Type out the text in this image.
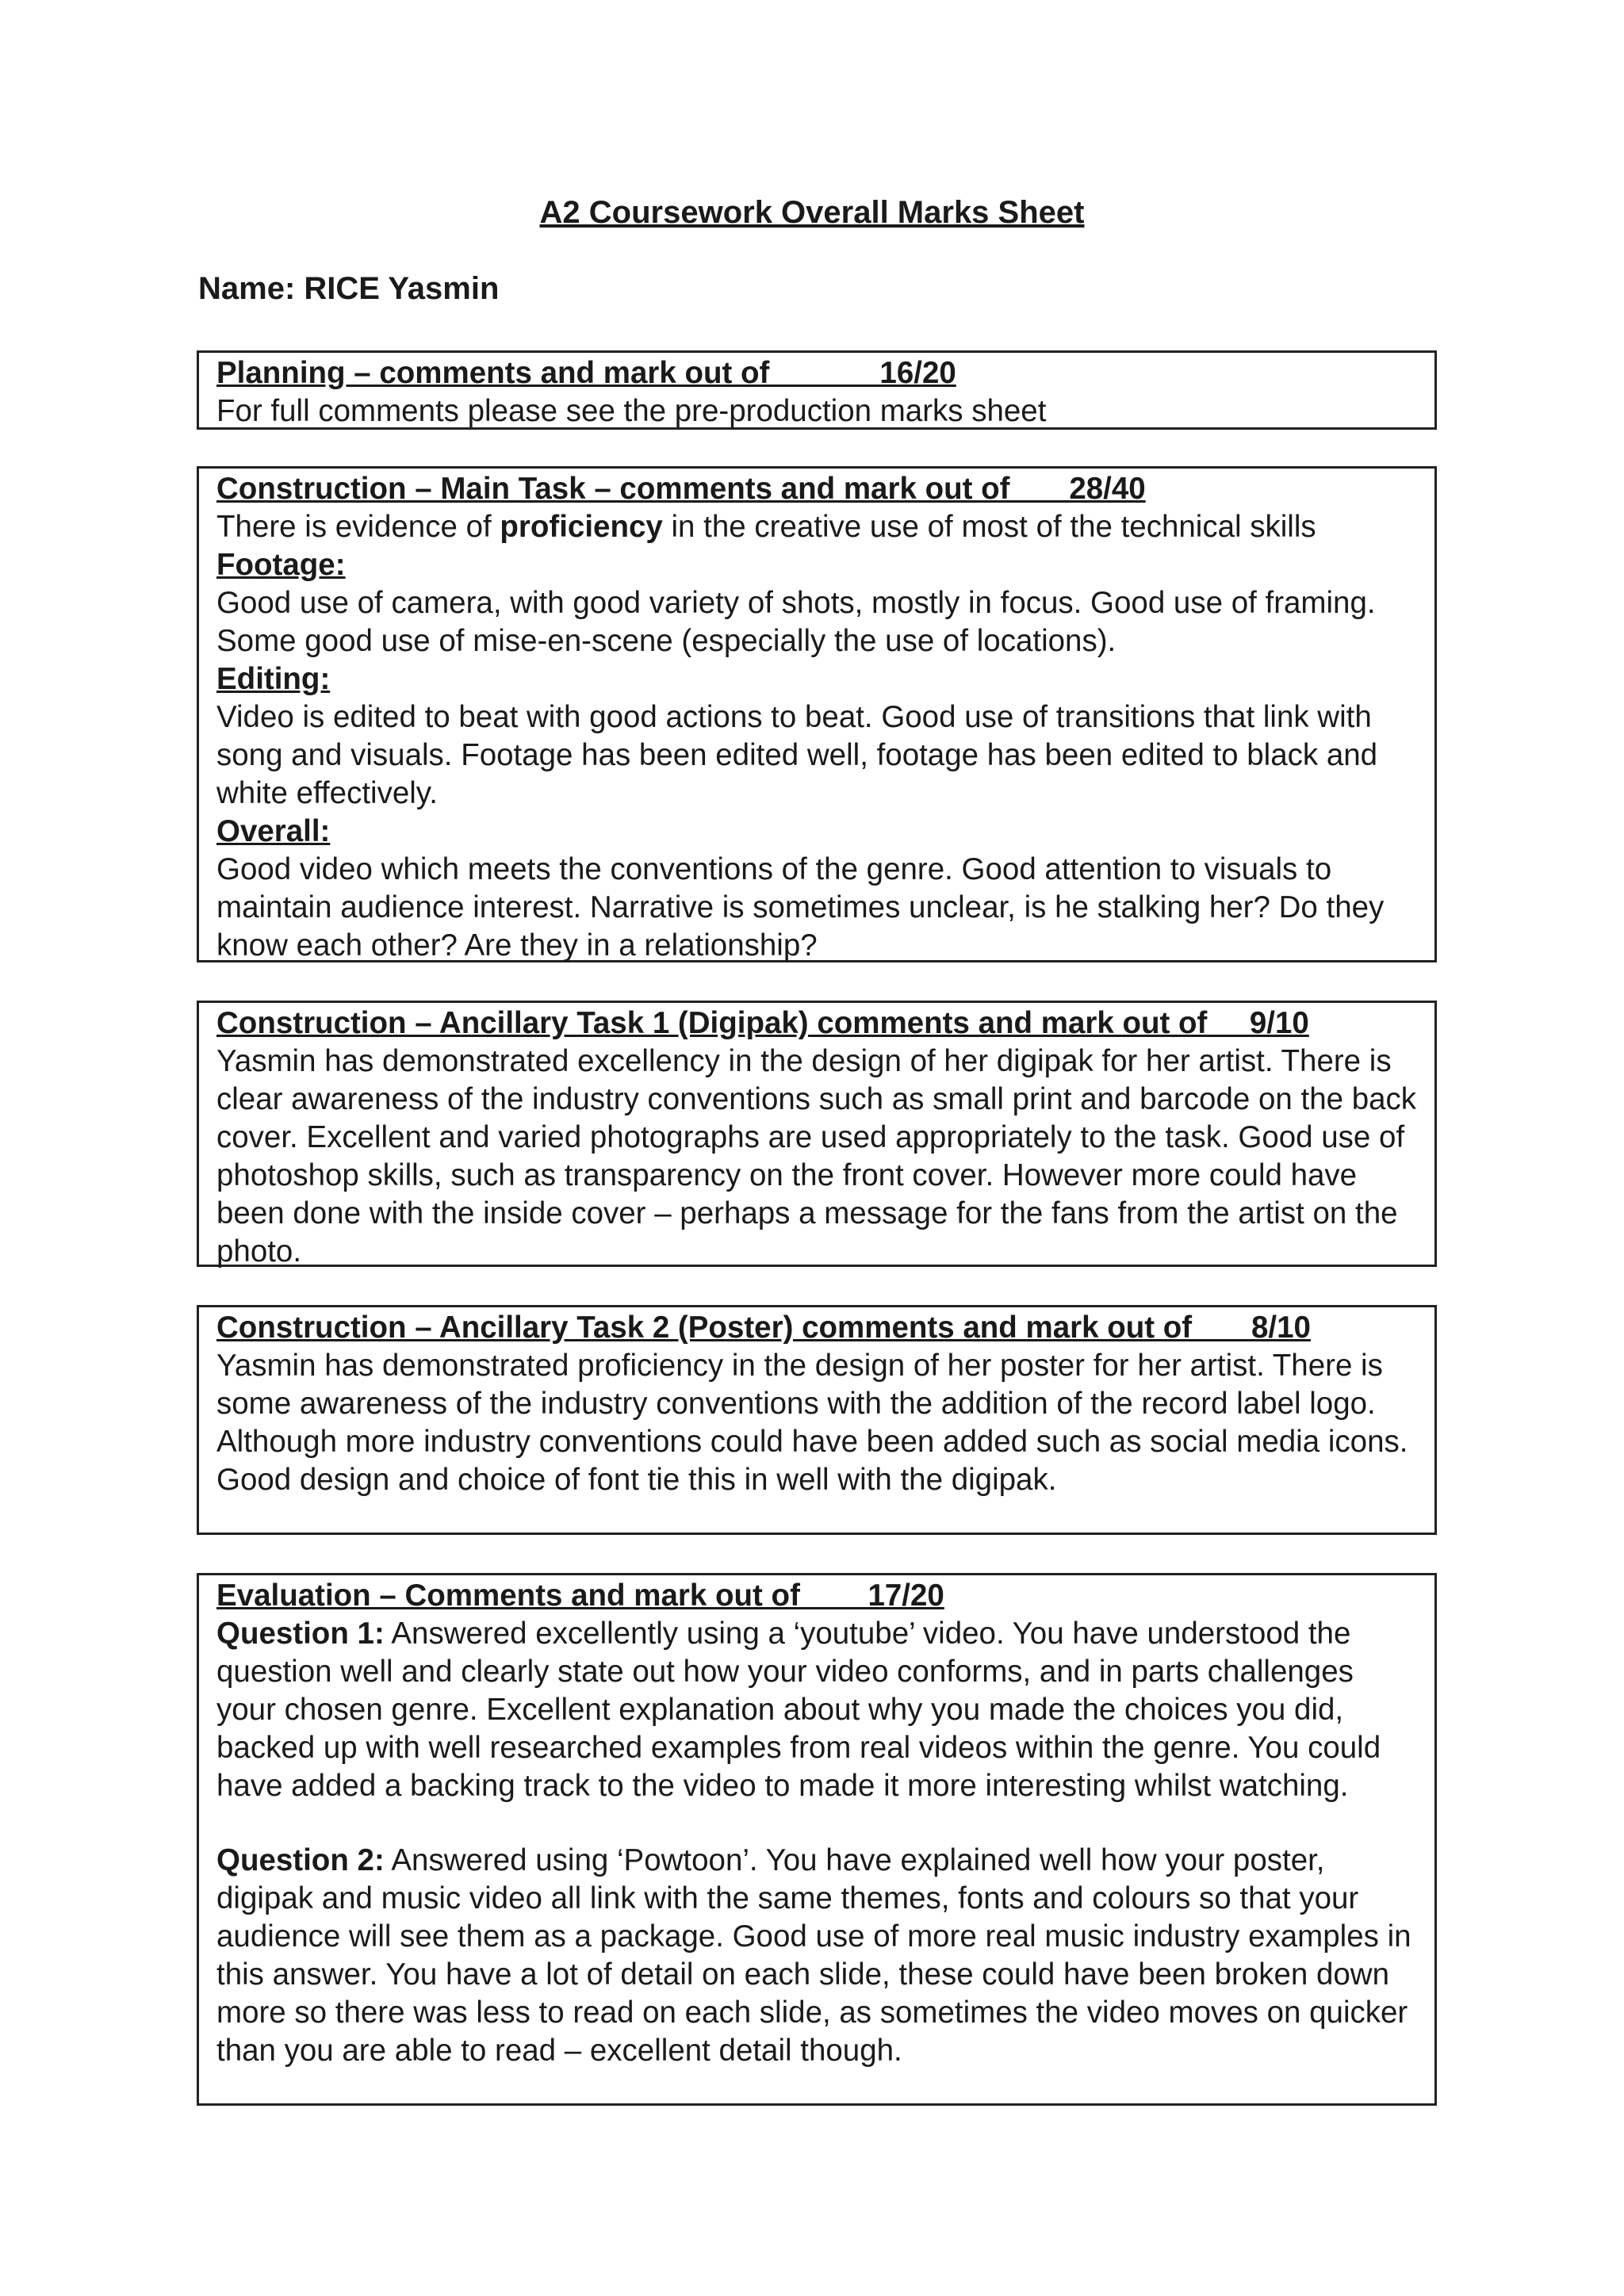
A2 Coursework Overall Marks Sheet
Name: RICE Yasmin
Planning – comments and mark out of             16/20

For full comments please see the pre-production marks sheet

Construction – Main Task – comments and mark out of       28/40

There is evidence of proficiency in the creative use of most of the technical skills

Footage:

Good use of camera, with good variety of shots, mostly in focus. Good use of framing. Some good use of mise-en-scene (especially the use of locations).

Editing:

Video is edited to beat with good actions to beat. Good use of transitions that link with song and visuals. Footage has been edited well, footage has been edited to black and white effectively.

Overall:

Good video which meets the conventions of the genre. Good attention to visuals to maintain audience interest. Narrative is sometimes unclear, is he stalking her? Do they know each other? Are they in a relationship?

Construction – Ancillary Task 1 (Digipak) comments and mark out of     9/10

Yasmin has demonstrated excellency in the design of her digipak for her artist. There is clear awareness of the industry conventions such as small print and barcode on the back cover. Excellent and varied photographs are used appropriately to the task. Good use of photoshop skills, such as transparency on the front cover. However more could have been done with the inside cover – perhaps a message for the fans from the artist on the photo.

Construction – Ancillary Task 2 (Poster) comments and mark out of       8/10

Yasmin has demonstrated proficiency in the design of her poster for her artist. There is some awareness of the industry conventions with the addition of the record label logo. Although more industry conventions could have been added such as social media icons. Good design and choice of font tie this in well with the digipak.

Evaluation – Comments and mark out of        17/20

Question 1: Answered excellently using a ‘youtube’ video. You have understood the question well and clearly state out how your video conforms, and in parts challenges your chosen genre. Excellent explanation about why you made the choices you did, backed up with well researched examples from real videos within the genre. You could have added a backing track to the video to made it more interesting whilst watching.

Question 2: Answered using ‘Powtoon’. You have explained well how your poster, digipak and music video all link with the same themes, fonts and colours so that your audience will see them as a package. Good use of more real music industry examples in this answer. You have a lot of detail on each slide, these could have been broken down more so there was less to read on each slide, as sometimes the video moves on quicker than you are able to read – excellent detail though.
